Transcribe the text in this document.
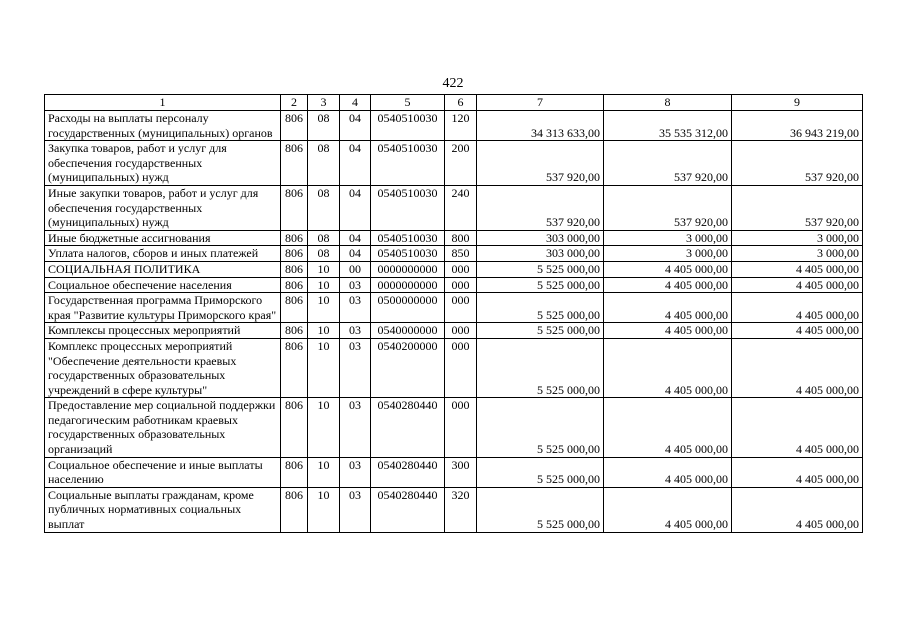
422
1	2	3	4	5	6	7	8	9
Расходы на выплаты персоналу государственных (муниципальных) органов	806	08	04	0540510030	120	34 313 633,00	35 535 312,00	36 943 219,00

Закупка товаров, работ и услуг для обеспечения государственных (муниципальных) нужд	806	08	04	0540510030	200	537 920,00	537 920,00	537 920,00

Иные закупки товаров, работ и услуг для обеспечения государственных (муниципальных) нужд	806	08	04	0540510030	240	537 920,00	537 920,00	537 920,00

Иные бюджетные ассигнования	806	08	04	0540510030	800	303 000,00	3 000,00	3 000,00

Уплата налогов, сборов и иных платежей	806	08	04	0540510030	850	303 000,00	3 000,00	3 000,00

СОЦИАЛЬНАЯ ПОЛИТИКА	806	10	00	0000000000	000	5 525 000,00	4 405 000,00	4 405 000,00

Социальное обеспечение населения	806	10	03	0000000000	000	5 525 000,00	4 405 000,00	4 405 000,00

Государственная программа Приморского края "Развитие культуры Приморского края"	806	10	03	0500000000	000	5 525 000,00	4 405 000,00	4 405 000,00

Комплексы процессных мероприятий	806	10	03	0540000000	000	5 525 000,00	4 405 000,00	4 405 000,00

Комплекс процессных мероприятий "Обеспечение деятельности краевых государственных образовательных учреждений в сфере культуры"	806	10	03	0540200000	000	5 525 000,00	4 405 000,00	4 405 000,00

Предоставление мер социальной поддержки педагогическим работникам краевых государственных образовательных организаций	806	10	03	0540280440	000	5 525 000,00	4 405 000,00	4 405 000,00

Социальное обеспечение и иные выплаты населению	806	10	03	0540280440	300	5 525 000,00	4 405 000,00	4 405 000,00

Социальные выплаты гражданам, кроме публичных нормативных социальных выплат	806	10	03	0540280440	320	5 525 000,00	4 405 000,00	4 405 000,00
